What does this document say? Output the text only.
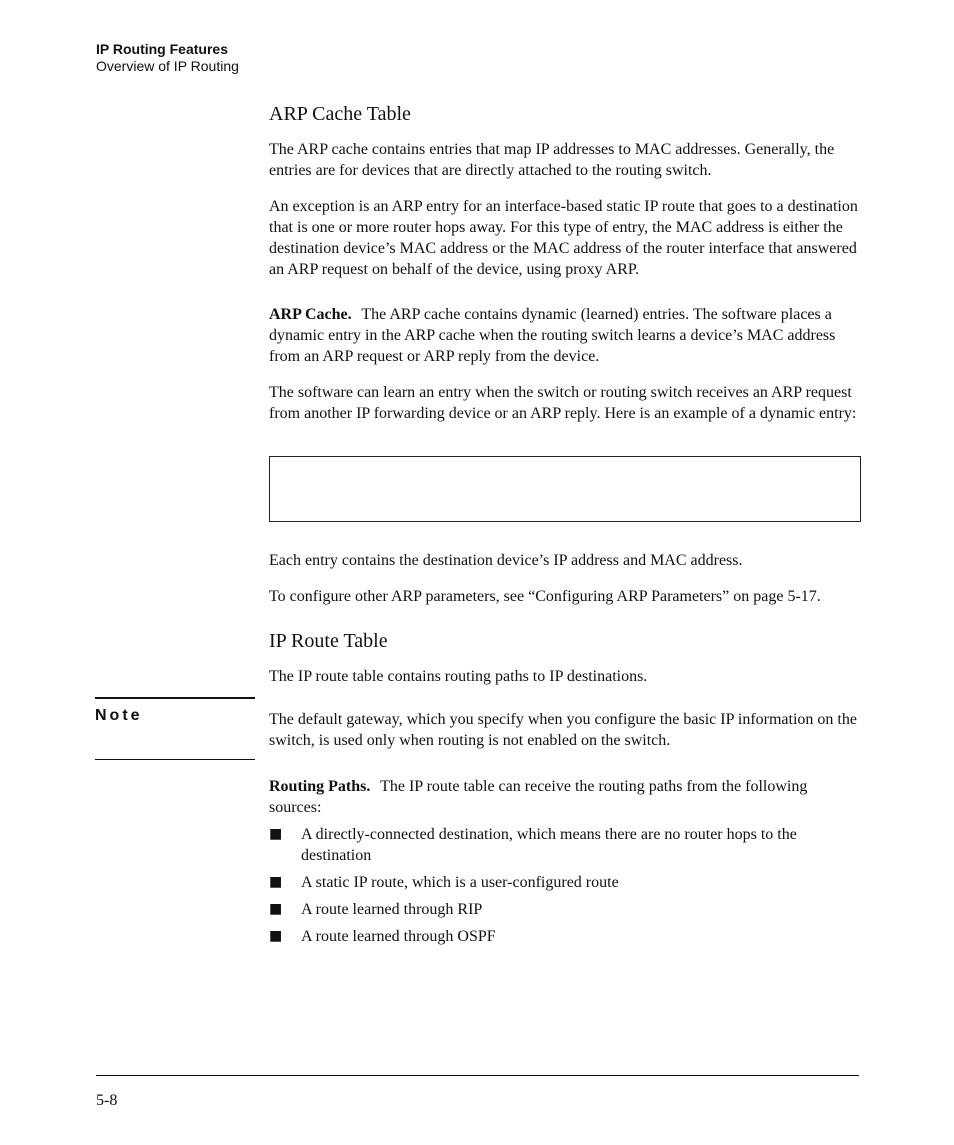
IP Routing Features
Overview of IP Routing
ARP Cache Table

The ARP cache contains entries that map IP addresses to MAC addresses. Generally, the entries are for devices that are directly attached to the routing switch.

An exception is an ARP entry for an interface-based static IP route that goes to a destination that is one or more router hops away. For this type of entry, the MAC address is either the destination device’s MAC address or the MAC address of the router interface that answered an ARP request on behalf of the device, using proxy ARP.

ARP Cache. The ARP cache contains dynamic (learned) entries. The software places a dynamic entry in the ARP cache when the routing switch learns a device’s MAC address from an ARP request or ARP reply from the device.

The software can learn an entry when the switch or routing switch receives an ARP request from another IP forwarding device or an ARP reply. Here is an example of a dynamic entry:

Each entry contains the destination device’s IP address and MAC address.

To configure other ARP parameters, see “Configuring ARP Parameters” on page 5-17.

IP Route Table

The IP route table contains routing paths to IP destinations.

Note	The default gateway, which you specify when you configure the basic IP information on the switch, is used only when routing is not enabled on the switch.

Routing Paths. The IP route table can receive the routing paths from the following sources:

■ A directly-connected destination, which means there are no router hops to the destination
■ A static IP route, which is a user-configured route
■ A route learned through RIP
■ A route learned through OSPF
5-8
